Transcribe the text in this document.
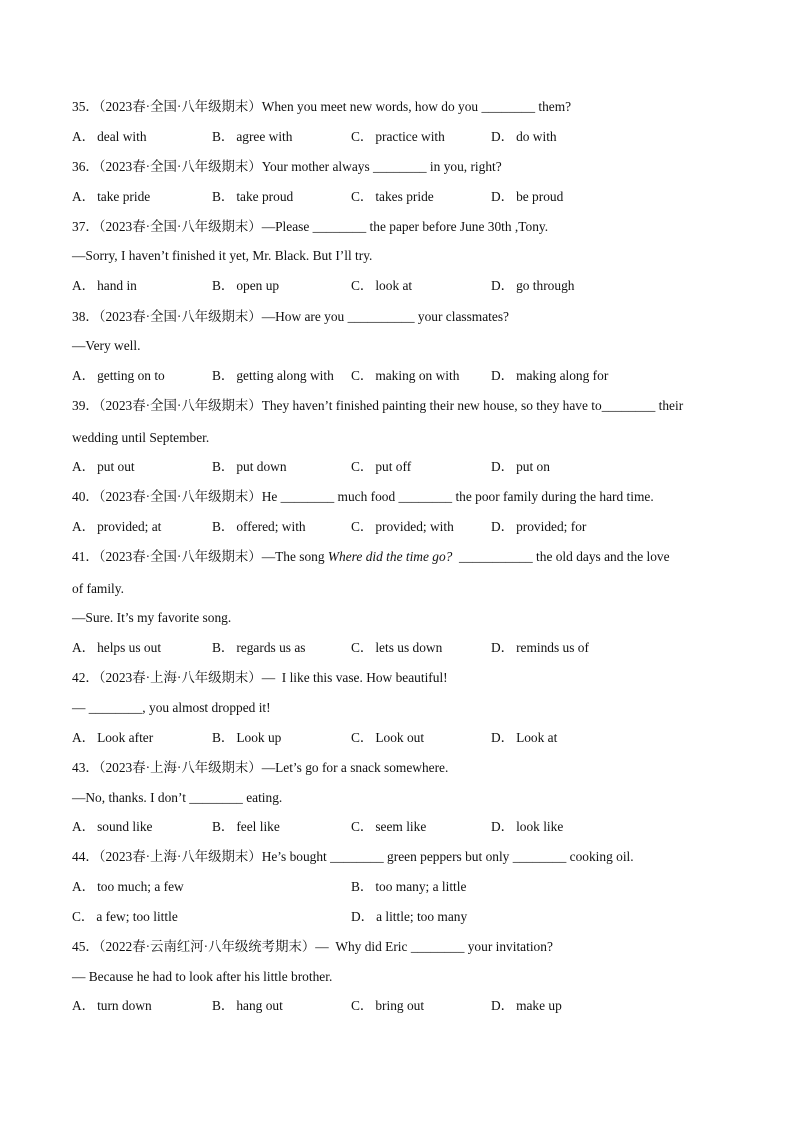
35．（2023春·全国·八年级期末）When you meet new words, how do you ________ them?
A． deal with	B． agree with	C． practice with	D． do with
36．（2023春·全国·八年级期末）Your mother always ________ in you, right?
A． take pride	B． take proud	C． takes pride	D． be proud
37．（2023春·全国·八年级期末）—Please ________ the paper before June 30th ,Tony.
—Sorry, I haven’t finished it yet, Mr. Black. But I’ll try.
A． hand in	B． open up	C． look at	D． go through
38．（2023春·全国·八年级期末）—How are you __________ your classmates?
—Very well.
A． getting on to	B． getting along with C． making on with D． making along for
39．（2023春·全国·八年级期末）They haven’t finished painting their new house, so they have to________ their
wedding until September.
A． put out	B． put down	C． put off	D． put on
40．（2023春·全国·八年级期末）He ________ much food ________ the poor family during the hard time.
A． provided; at	B． offered; with	C． provided; with	D． provided; for
41．（2023春·全国·八年级期末）—The song Where did the time go?  ___________ the old days and the love
of family.
—Sure. It’s my favorite song.
A． helps us out	B． regards us as	C． lets us down	D． reminds us of
42．（2023春·上海·八年级期末）—  I like this vase. How beautiful!
— ________, you almost dropped it!
A． Look after	B． Look up	C． Look out	D． Look at
43．（2023春·上海·八年级期末）—Let’s go for a snack somewhere.
—No, thanks. I don’t ________ eating.
A． sound like	B． feel like	C． seem like	D． look like
44．（2023春·上海·八年级期末）He’s bought ________ green peppers but only ________ cooking oil.
A． too much; a few	B． too many; a little
C． a few; too little	D． a little; too many
45．（2022春·云南红河·八年级统考期末）—  Why did Eric ________ your invitation?
— Because he had to look after his little brother.
A． turn down	B． hang out	C． bring out	D． make up
